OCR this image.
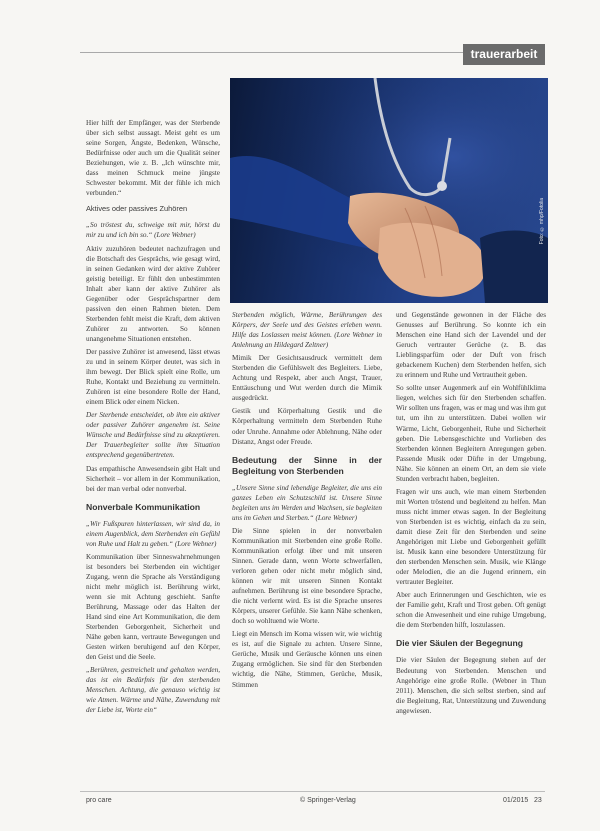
trauerarbeit
Foto: © mhp/Fotolia

Hier hilft der Empfänger, was der Sterbende über sich selbst aussagt. Meist geht es um seine Sorgen, Ängste, Bedenken, Wünsche, Bedürfnisse oder auch um die Qualität seiner Beziehungen, wie z. B. „Ich wünschte mir, dass meinen Schmuck meine jüngste Schwester bekommt. Mit der fühle ich mich verbunden.“

Aktives oder passives Zuhören

„So tröstest du, schweige mit mir, hörst du mir zu und ich bin so.“ (Lore Webner)

Aktiv zuzuhören bedeutet nachzufragen und die Botschaft des Gesprächs, wie gesagt wird, in seinen Gedanken wird der aktive Zuhörer geistig beteiligt. Er fühlt den unbestimmten Inhalt aber kann der aktive Zuhörer als Gegenüber oder Gesprächspartner dem passiven den einen Rahmen bieten. Dem Sterbenden fehlt meist die Kraft, dem aktiven Zuhörer zu antworten. So können unangenehme Situationen entstehen.

Der passive Zuhörer ist anwesend, lässt etwas zu und in seinem Körper deutet, was sich in ihm bewegt. Der Blick spielt eine Rolle, um Ruhe, Kontakt und Beziehung zu vermitteln. Zuhören ist eine besondere Rolle der Hand, einem Blick oder einem Nicken.

Der Sterbende entscheidet, ob ihm ein aktiver oder passiver Zuhörer angenehm ist. Seine Wünsche und Bedürfnisse sind zu akzeptieren. Der Trauerbegleiter sollte ihm Situation entsprechend gegenübertreten.

Das empathische Anwesendsein gibt Halt und Sicherheit – vor allem in der Kommunikation, bei der man verbal oder nonverbal.

Nonverbale Kommunikation

„Wir Fußspuren hinterlassen, wir sind da, in einem Augenblick, dem Sterbenden ein Gefühl von Ruhe und Halt zu geben.“ (Lore Webner)

Kommunikation über Sinneswahrnehmungen ist besonders bei Sterbenden ein wichtiger Zugang, wenn die Sprache als Verständigung nicht mehr möglich ist. Berührung wirkt, wenn sie mit Achtung geschieht. Sanfte Berührung, Massage oder das Halten der Hand sind eine Art Kommunikation, die dem Sterbenden Geborgenheit, Sicherheit und Nähe geben kann, vertraute Bewegungen und Gesten wirken beruhigend auf den Körper, den Geist und die Seele.

„Berühren, gestreichelt und gehalten werden, das ist ein Bedürfnis für den sterbenden Menschen. Achtung, die genauso wichtig ist wie Atmen. Wärme und Nähe, Zuwendung mit der Liebe ist, Worte ein“

Sterbenden möglich, Wärme, Berührungen des Körpers, der Seele und des Geistes erleben wenn. Hilfe das Loslassen meist können. (Lore Webner in Anlehnung an Hildegard Zeltner)

Mimik Der Gesichtsausdruck vermittelt dem Sterbenden die Gefühlswelt des Begleiters. Liebe, Achtung und Respekt, aber auch Angst, Trauer, Enttäuschung und Wut werden durch die Mimik ausgedrückt.

Gestik und Körperhaltung Gestik und die Körperhaltung vermitteln dem Sterbenden Ruhe oder Unruhe. Annahme oder Ablehnung, Nähe oder Distanz, Angst oder Freude.

Bedeutung der Sinne in der Begleitung von Sterbenden

„Unsere Sinne sind lebendige Begleiter, die uns ein ganzes Leben ein Schutzschild ist. Unsere Sinne begleiten uns im Werden und Wachsen, sie begleiten uns im Gehen und Sterben.“ (Lore Webner)

Die Sinne spielen in der nonverbalen Kommunikation mit Sterbenden eine große Rolle. Kommunikation erfolgt über und mit unseren Sinnen. Gerade dann, wenn Worte schwerfallen, verloren gehen oder nicht mehr möglich sind, können wir mit unseren Sinnen Kontakt aufnehmen. Berührung ist eine besondere Sprache, die nicht verlernt wird. Es ist die Sprache unseres Körpers, unserer Gefühle. Sie kann Nähe schenken, doch so wohltuend wie Worte.

Liegt ein Mensch im Koma wissen wir, wie wichtig es ist, auf die Signale zu achten. Unsere Sinne, Gerüche, Musik und Geräusche können uns einen Zugang ermöglichen. Sie sind für den Sterbenden wichtig, die Nähe, Stimmen, Gerüche, Musik, Stimmen

und Gegenstände gewonnen in der Fläche des Genusses auf Berührung. So konnte ich ein Menschen eine Hand sich der Lavendel und der Geruch vertrauter Gerüche (z. B. das Lieblingsparfüm oder der Duft von frisch gebackenem Kuchen) dem Sterbenden helfen, sich zu erinnern und Ruhe und Vertrautheit geben.

So sollte unser Augenmerk auf ein Wohlfühlklima liegen, welches sich für den Sterbenden schaffen. Wir sollten uns fragen, was er mag und was ihm gut tut, um ihn zu unterstützen. Dabei wollen wir Wärme, Licht, Geborgenheit, Ruhe und Sicherheit geben. Die Lebensgeschichte und Vorlieben des Sterbenden können Begleitern Anregungen geben. Passende Musik oder Düfte in der Umgebung, Nähe. Sie können an einem Ort, an dem sie viele Stunden verbracht haben, begleiten.

Fragen wir uns auch, wie man einem Sterbenden mit Worten tröstend und begleitend zu helfen. Man muss nicht immer etwas sagen. In der Begleitung von Sterbenden ist es wichtig, einfach da zu sein, damit diese Zeit für den Sterbenden und seine Angehörigen mit Liebe und Geborgenheit gefüllt ist. Musik kann eine besondere Unterstützung für den sterbenden Menschen sein. Musik, wie Klänge oder Melodien, die an die Jugend erinnern, ein vertrauter Begleiter.

Aber auch Erinnerungen und Geschichten, wie es der Familie geht, Kraft und Trost geben. Oft genügt schon die Anwesenheit und eine ruhige Umgebung, die dem Sterbenden hilft, loszulassen.

Die vier Säulen der Begegnung

Die vier Säulen der Begegnung stehen auf der Bedeutung von Sterbenden. Menschen und Angehörige eine große Rolle. (Webner in Thun 2011). Menschen, die sich selbst sterben, sind auf die Begleitung, Rat, Unterstützung und Zuwendung angewiesen.

pro care	© Springer-Verlag	01/2015 23
